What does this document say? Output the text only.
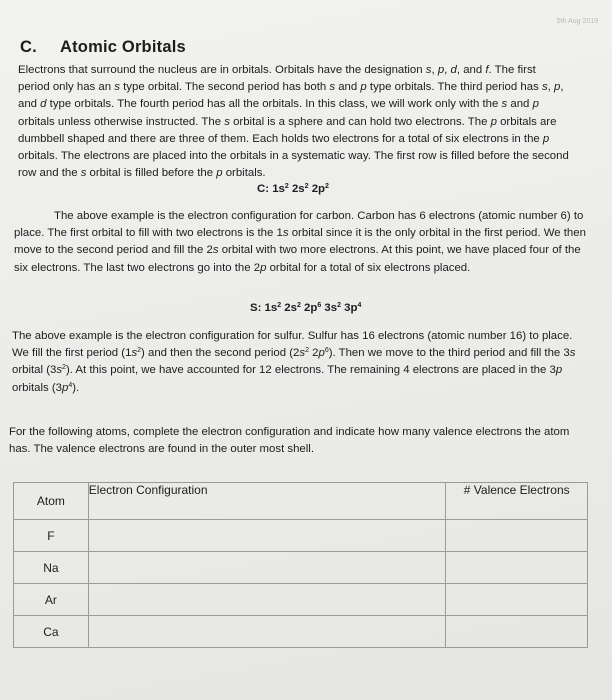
5th Aug 2019
C. Atomic Orbitals

Electrons that surround the nucleus are in orbitals. Orbitals have the designation s, p, d, and f. The first period only has an s type orbital. The second period has both s and p type orbitals. The third period has s, p, and d type orbitals. The fourth period has all the orbitals. In this class, we will work only with the s and p orbitals unless otherwise instructed. The s orbital is a sphere and can hold two electrons. The p orbitals are dumbbell shaped and there are three of them. Each holds two electrons for a total of six electrons in the p orbitals. The electrons are placed into the orbitals in a systematic way. The first row is filled before the second row and the s orbital is filled before the p orbitals.

C: $1s^2$ $2s^2$ $2p^2$

The above example is the electron configuration for carbon. Carbon has 6 electrons (atomic number 6) to place. The first orbital to fill with two electrons is the 1s orbital since it is the only orbital in the first period. We then move to the second period and fill the 2s orbital with two more electrons. At this point, we have placed four of the six electrons. The last two electrons go into the 2p orbital for a total of six electrons placed.

S: $1s^2$ $2s^2$ $2p^6$ $3s^2$ $3p^4$

The above example is the electron configuration for sulfur. Sulfur has 16 electrons (atomic number 16) to place. We fill the first period $(1s^2)$ and then the second period ($2s^2$ $2p^6$). Then we move to the third period and fill the 3s orbital $(3s^2)$. At this point, we have accounted for 12 electrons. The remaining 4 electrons are placed in the 3p orbitals $(3p^4)$.

For the following atoms, complete the electron configuration and indicate how many valence electrons the atom has. The valence electrons are found in the outer most shell.

Atom	Electron Configuration	# Valence Electrons
F		
Na		
Ar		
Ca		
